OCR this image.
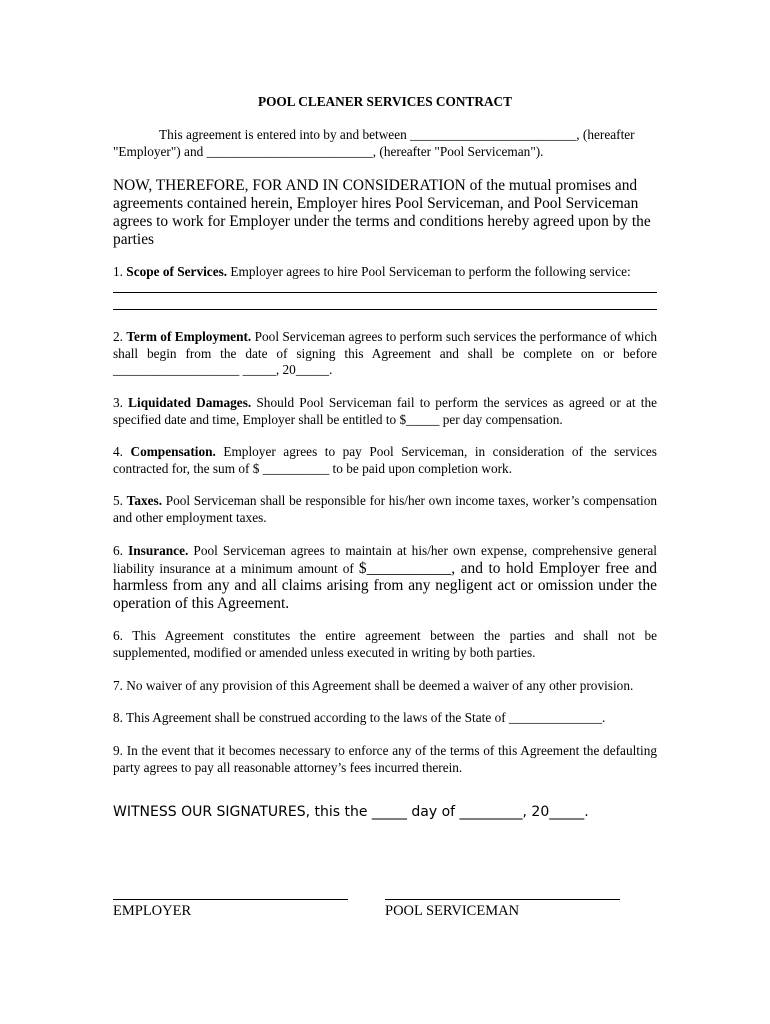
POOL CLEANER SERVICES CONTRACT
This agreement is entered into by and between _________________________, (hereafter
"Employer") and _________________________, (hereafter "Pool Serviceman").

NOW, THEREFORE, FOR AND IN CONSIDERATION of the mutual promises and agreements contained herein, Employer hires Pool Serviceman, and Pool Serviceman agrees to work for Employer under the terms and conditions hereby agreed upon by the parties

1. Scope of Services. Employer agrees to hire Pool Serviceman to perform the following service:

2. Term of Employment. Pool Serviceman agrees to perform such services the performance of which shall begin from the date of signing this Agreement and shall be complete on or before ___________________ _____, 20_____.

3. Liquidated Damages. Should Pool Serviceman fail to perform the services as agreed or at the specified date and time, Employer shall be entitled to $_____ per day compensation.

4. Compensation. Employer agrees to pay Pool Serviceman, in consideration of the services contracted for, the sum of $ __________ to be paid upon completion work.

5. Taxes. Pool Serviceman shall be responsible for his/her own income taxes, worker’s compensation and other employment taxes.

6. Insurance. Pool Serviceman agrees to maintain at his/her own expense, comprehensive general liability insurance at a minimum amount of $___________, and to hold Employer free and harmless from any and all claims arising from any negligent act or omission under the operation of this Agreement.

6. This Agreement constitutes the entire agreement between the parties and shall not be supplemented, modified or amended unless executed in writing by both parties.

7. No waiver of any provision of this Agreement shall be deemed a waiver of any other provision.

8. This Agreement shall be construed according to the laws of the State of ______________.

9. In the event that it becomes necessary to enforce any of the terms of this Agreement the defaulting party agrees to pay all reasonable attorney’s fees incurred therein.

WITNESS OUR SIGNATURES, this the _____ day of _________, 20_____.
EMPLOYER	POOL SERVICEMAN
